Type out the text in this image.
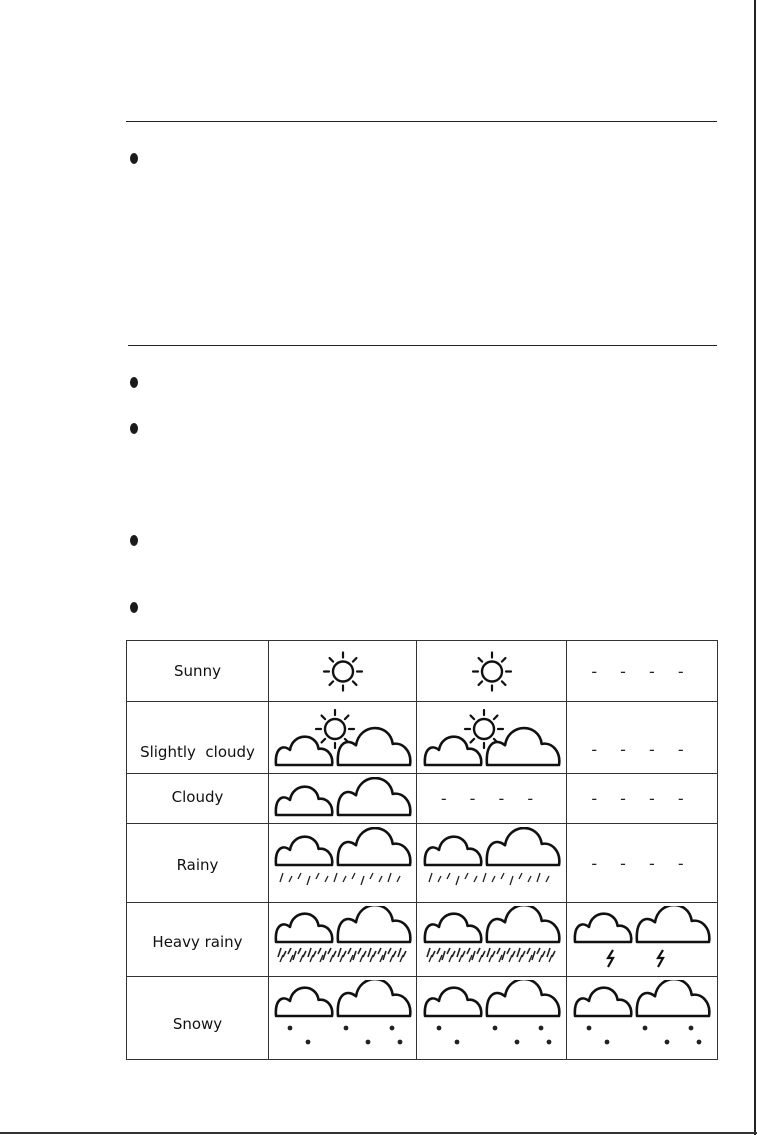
Sunny			- - - -
Slightly  cloudy			- - - -
Cloudy		- - - -	- - - -
Rainy			- - - -
Heavy rainy	

Snowy	
